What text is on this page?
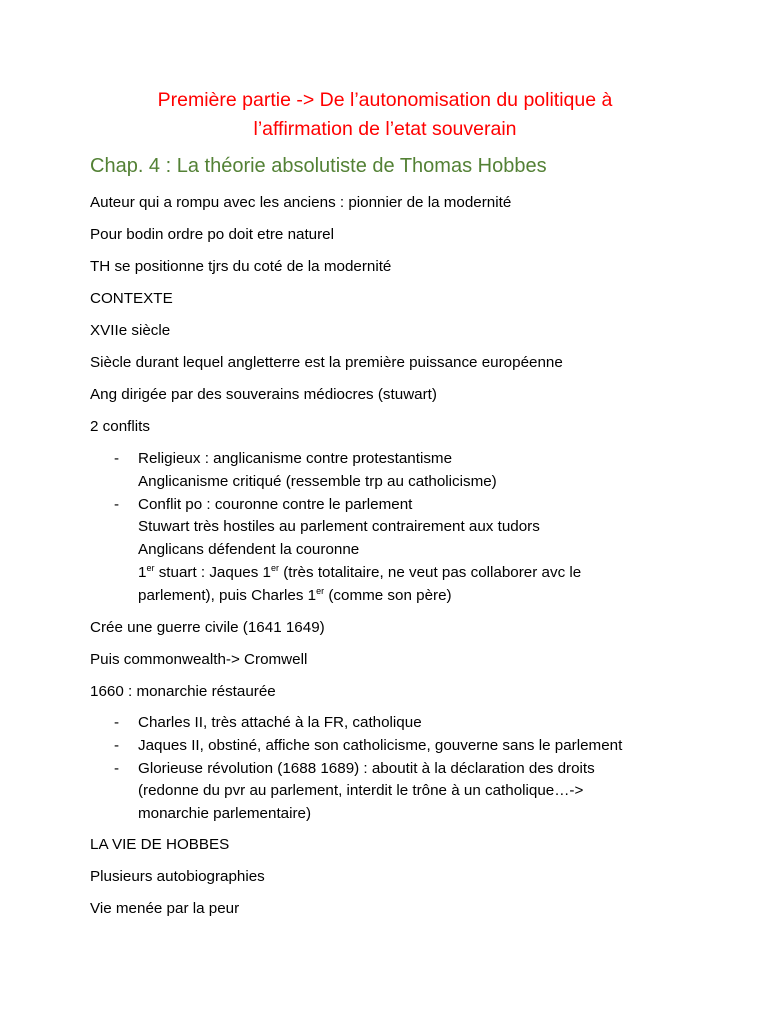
Première partie -> De l’autonomisation du politique à
l’affirmation de l’etat souverain
Chap. 4 : La théorie absolutiste de Thomas Hobbes
Auteur qui a rompu avec les anciens : pionnier de la modernité
Pour bodin ordre po doit etre naturel
TH se positionne tjrs du coté de la modernité
CONTEXTE
XVIIe siècle
Siècle durant lequel angletterre est la première puissance européenne
Ang dirigée par des souverains médiocres (stuwart)
2 conflits
- Religieux : anglicanisme contre protestantisme
Anglicanisme critiqué (ressemble trp au catholicisme)
- Conflit po : couronne contre le parlement
Stuwart très hostiles au parlement contrairement aux tudors
Anglicans défendent la couronne
1er stuart : Jaques 1er (très totalitaire, ne veut pas collaborer avc le
parlement), puis Charles 1er (comme son père)
Crée une guerre civile (1641 1649)
Puis commonwealth-> Cromwell
1660 : monarchie réstaurée
- Charles II, très attaché à la FR, catholique
- Jaques II, obstiné, affiche son catholicisme, gouverne sans le parlement
- Glorieuse révolution (1688 1689) : aboutit à la déclaration des droits
(redonne du pvr au parlement, interdit le trône à un catholique…->
monarchie parlementaire)
LA VIE DE HOBBES
Plusieurs autobiographies
Vie menée par la peur
